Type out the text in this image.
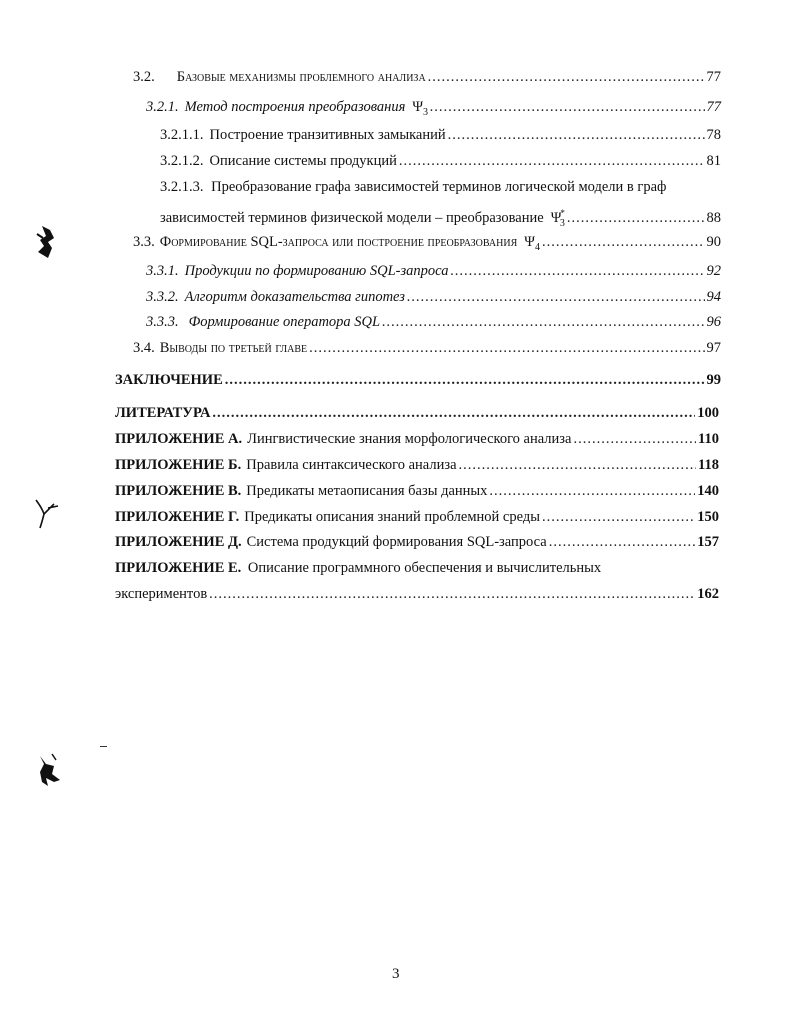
3.2. Базовые механизмы проблемного анализа .....	77
3.2.1. Метод построения преобразования $\Psi_3$ .....	77
3.2.1.1. Построение транзитивных замыканий .....	78
3.2.1.2. Описание системы продукций .....	81
3.2.1.3. Преобразование графа зависимостей терминов логической модели в граф
зависимостей терминов физической модели – преобразование $\Psi^*_3$ .....	88
3.3. Формирование SQL-запроса или построение преобразования $\Psi_4$ .....	90
3.3.1. Продукции по формированию SQL-запроса .....	92
3.3.2. Алгоритм доказательства гипотез .....	94
3.3.3. Формирование оператора SQL .....	96
3.4. Выводы по третьей главе .....	97
ЗАКЛЮЧЕНИЕ .....	99
ЛИТЕРАТУРА .....	100
ПРИЛОЖЕНИЕ А. Лингвистические знания морфологического анализа .....	110
ПРИЛОЖЕНИЕ Б. Правила синтаксического анализа .....	118
ПРИЛОЖЕНИЕ В. Предикаты метаописания базы данных .....	140
ПРИЛОЖЕНИЕ Г. Предикаты описания знаний проблемной среды .....	150
ПРИЛОЖЕНИЕ Д. Система продукций формирования SQL-запроса .....	157
ПРИЛОЖЕНИЕ Е. Описание программного обеспечения и вычислительных
экспериментов .....	162
3
